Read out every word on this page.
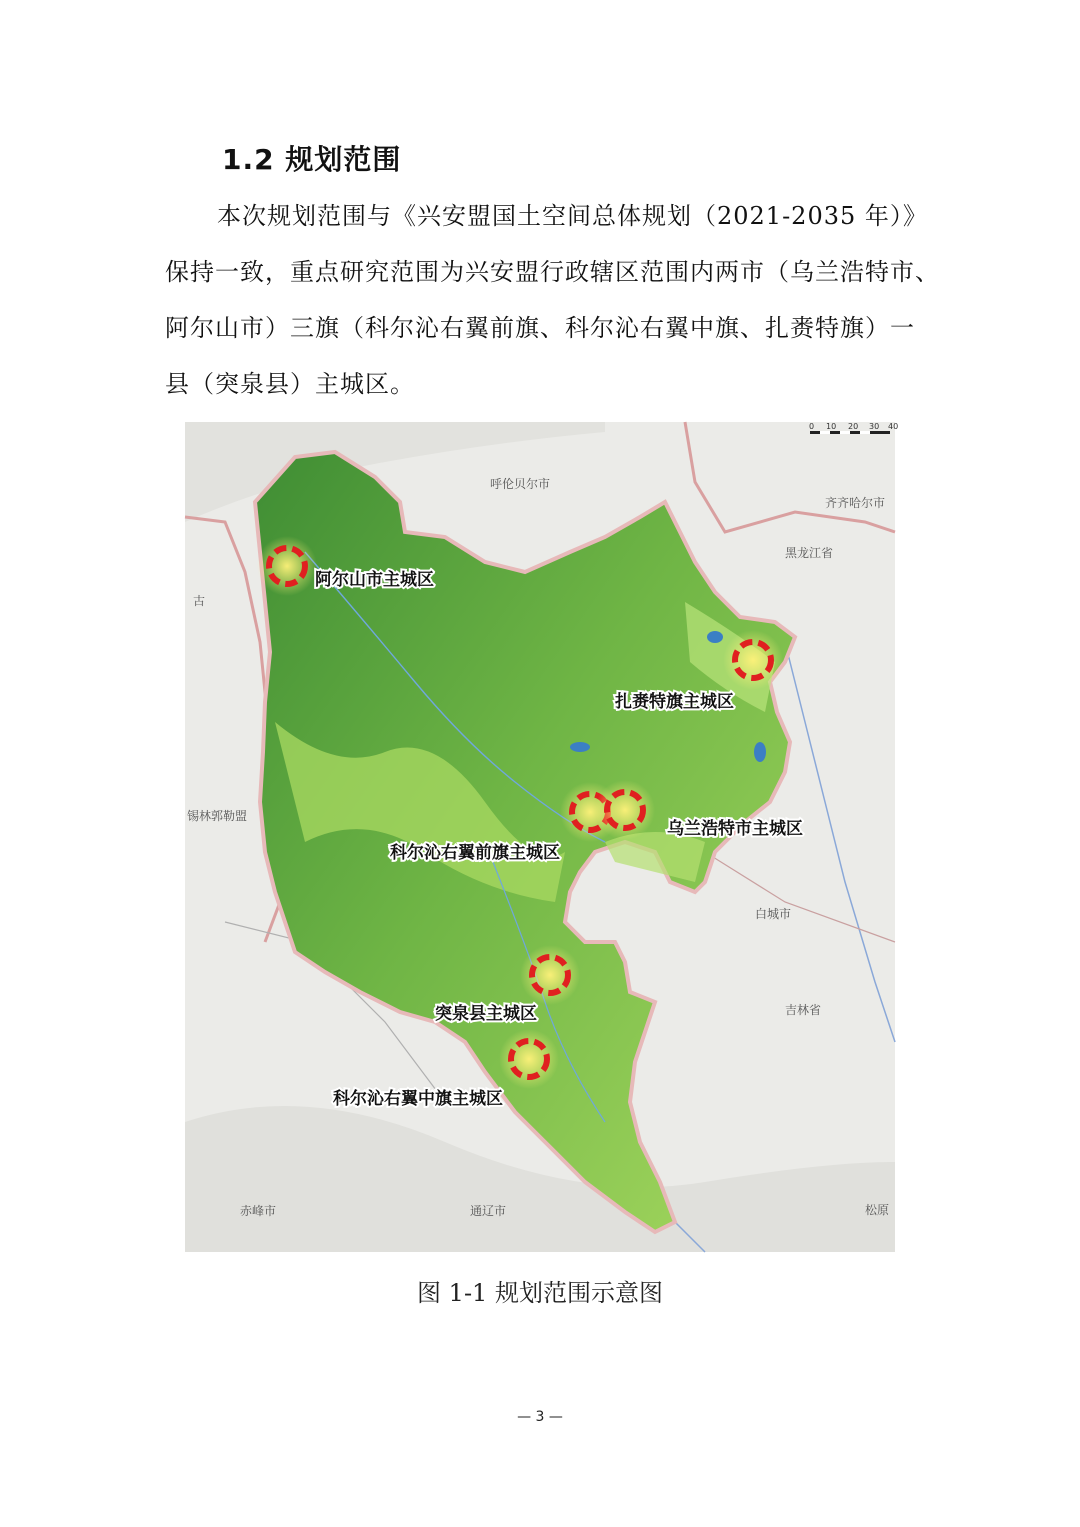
1.2 规划范围
本次规划范围与《兴安盟国土空间总体规划（2021-2035 年）》
保持一致，重点研究范围为兴安盟行政辖区范围内两市（乌兰浩特市、
阿尔山市）三旗（科尔沁右翼前旗、科尔沁右翼中旗、扎赉特旗）一
县（突泉县）主城区。
呼伦贝尔市
齐齐哈尔市
黑龙江省
吉林省
锡林郭勒盟
古
通辽市
赤峰市
白城市
松原
0 10 20 30 40
阿尔山市主城区
扎赉特旗主城区
乌兰浩特市主城区
科尔沁右翼前旗主城区
突泉县主城区
科尔沁右翼中旗主城区
图 1-1 规划范围示意图
— 3 —
